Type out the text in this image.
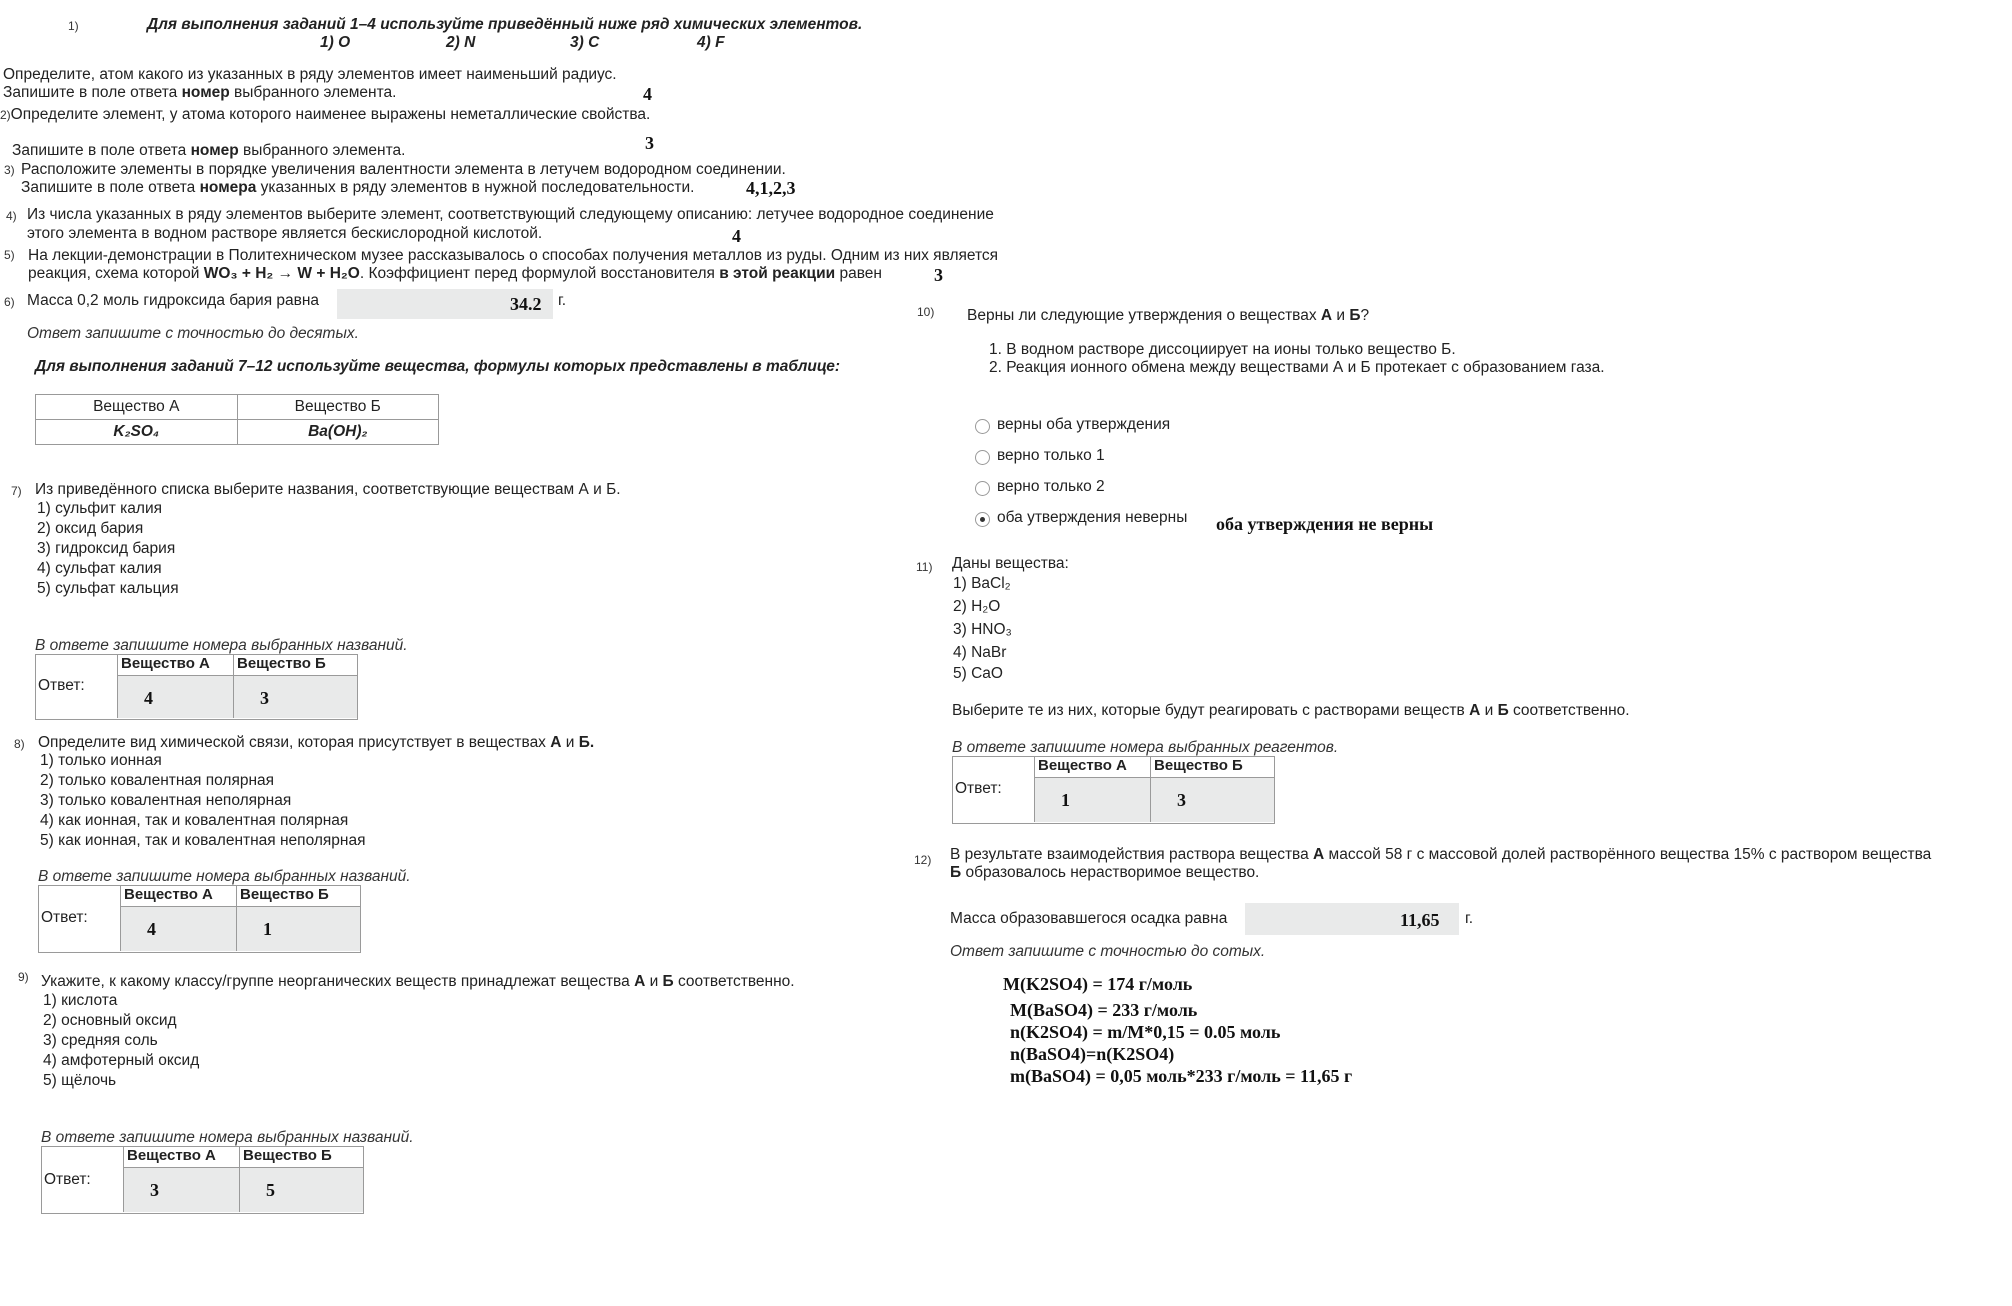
1)	Для выполнения заданий 1–4 используйте приведённый ниже ряд химических элементов.
1) O	2) N	3) C	4) F
Определите, атом какого из указанных в ряду элементов имеет наименьший радиус.
Запишите в поле ответа номер выбранного элемента.	4
2)Определите элемент, у атома которого наименее выражены неметаллические свойства.
3
Запишите в поле ответа номер выбранного элемента.
3) Расположите элементы в порядке увеличения валентности элемента в летучем водородном соединении.
Запишите в поле ответа номера указанных в ряду элементов в нужной последовательности.	4,1,2,3
4) Из числа указанных в ряду элементов выберите элемент, соответствующий следующему описанию: летучее водородное соединение
этого элемента в водном растворе является бескислородной кислотой.	4
5) На лекции-демонстрации в Политехническом музее рассказывалось о способах получения металлов из руды. Одним из них является
реакция, схема которой WO₃ + H₂ → W + H₂O. Коэффициент перед формулой восстановителя в этой реакции равен	3
6) Масса 0,2 моль гидроксида бария равна	34.2 г.
Ответ запишите с точностью до десятых.
Для выполнения заданий 7–12 используйте вещества, формулы которых представлены в таблице:
Вещество А	Вещество Б
K₂SO₄	Ba(OH)₂
7) Из приведённого списка выберите названия, соответствующие веществам А и Б.
1) сульфит калия
2) оксид бария
3) гидроксид бария
4) сульфат калия
5) сульфат кальция
В ответе запишите номера выбранных названий.
Ответ:
Вещество А	Вещество Б
4	3
8) Определите вид химической связи, которая присутствует в веществах А и Б.
1) только ионная
2) только ковалентная полярная
3) только ковалентная неполярная
4) как ионная, так и ковалентная полярная
5) как ионная, так и ковалентная неполярная
В ответе запишите номера выбранных названий.
Ответ:
Вещество А	Вещество Б
4	1
9) Укажите, к какому классу/группе неорганических веществ принадлежат вещества А и Б соответственно.
1) кислота
2) основный оксид
3) средняя соль
4) амфотерный оксид
5) щёлочь
В ответе запишите номера выбранных названий.
Ответ:
Вещество А	Вещество Б
3	5
10) Верны ли следующие утверждения о веществах А и Б?
1. В водном растворе диссоциирует на ионы только вещество Б.
2. Реакция ионного обмена между веществами А и Б протекает с образованием газа.
верны оба утверждения
верно только 1
верно только 2
оба утверждения неверны оба утверждения не верны
11) Даны вещества:
1) BaCl₂
2) H₂O
3) HNO₃
4) NaBr
5) CaO
Выберите те из них, которые будут реагировать с растворами веществ А и Б соответственно.
В ответе запишите номера выбранных реагентов.
Ответ:
Вещество А	Вещество Б
1	3
12) В результате взаимодействия раствора вещества А массой 58 г с массовой долей растворённого вещества 15% с раствором вещества
Б образовалось нерастворимое вещество.
Масса образовавшегося осадка равна	11,65 г.
Ответ запишите с точностью до сотых.
M(K2SO4) = 174 г/моль
M(BaSO4) = 233 г/моль
n(K2SO4) = m/M*0,15 = 0.05 моль
n(BaSO4)=n(K2SO4)
m(BaSO4) = 0,05 моль*233 г/моль = 11,65 г
